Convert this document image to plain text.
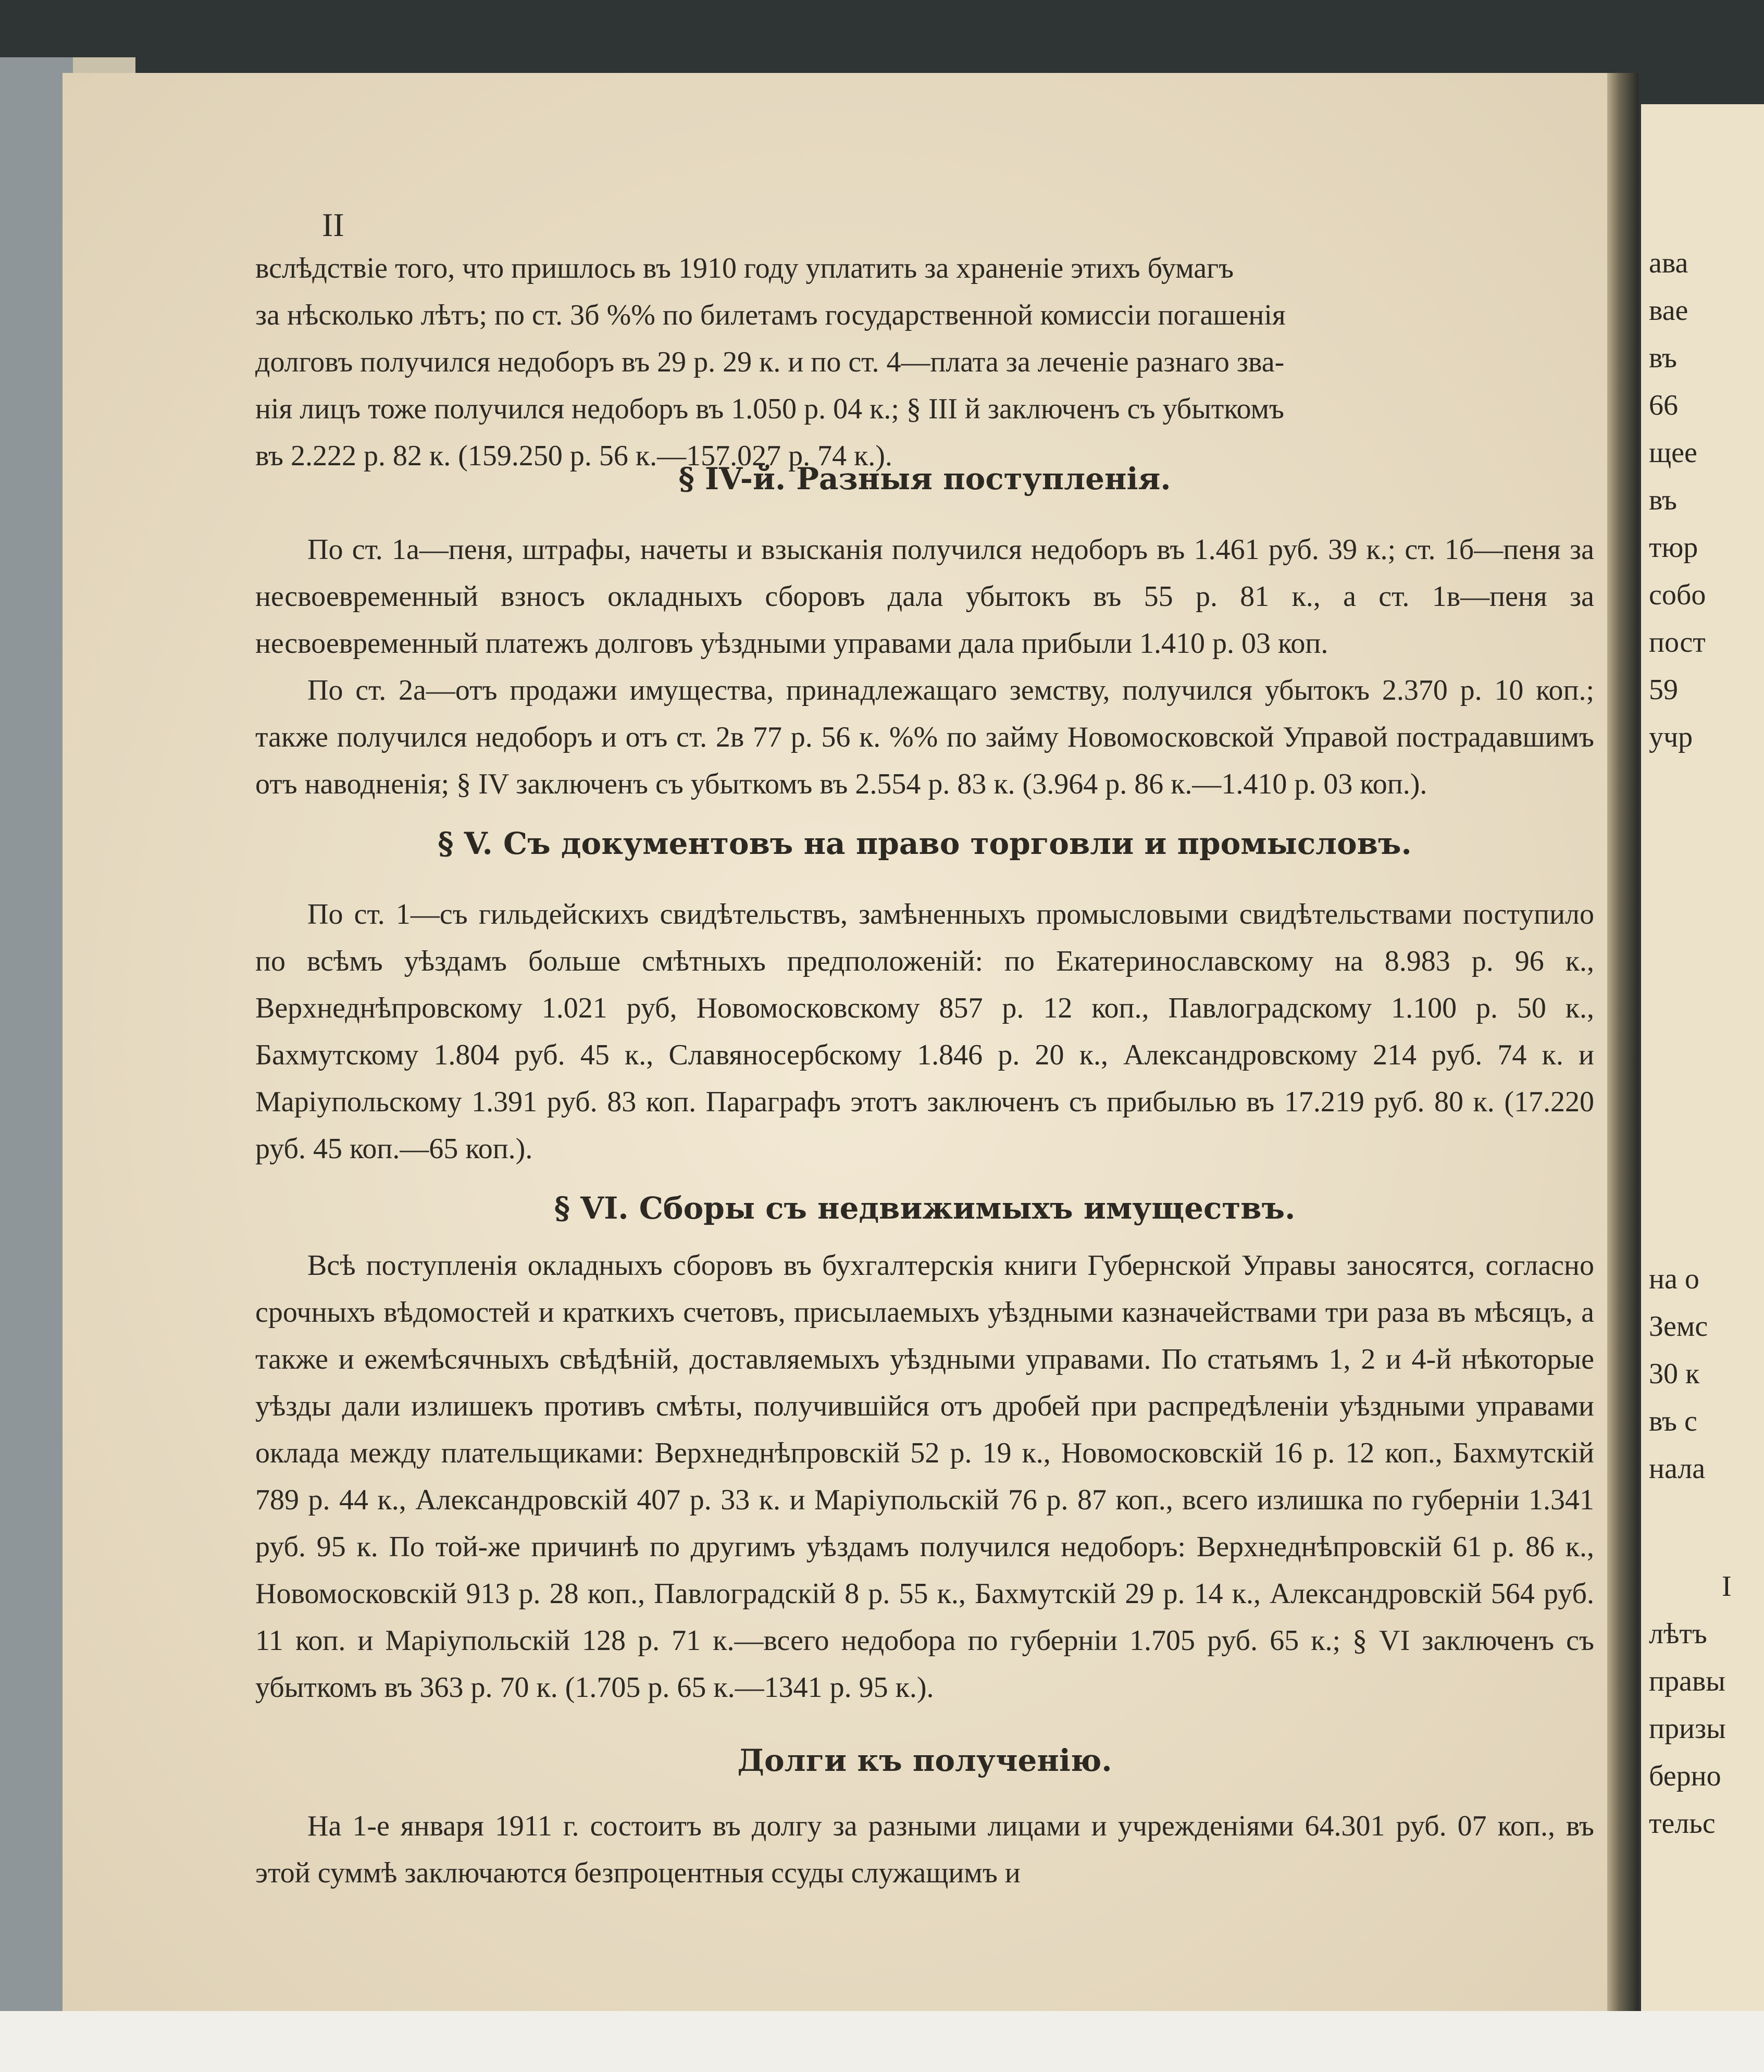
II

вслѣдствіе того, что пришлось въ 1910 году уплатить за храненіе этихъ бумагъ

за нѣсколько лѣтъ; по ст. 3б %% по билетамъ государственной комиссіи погашенія

долговъ получился недоборъ въ 29 р. 29 к. и по ст. 4—плата за леченіе разнаго зва-

нія лицъ тоже получился недоборъ въ 1.050 р. 04 к.; § III й заключенъ съ убыткомъ

въ 2.222 р. 82 к. (159.250 р. 56 к.—157.027 р. 74 к.).

§ IV-й. Разныя поступленія.

По ст. 1а—пеня, штрафы, начеты и взысканія получился недоборъ въ 1.461 руб. 39 к.; ст. 1б—пеня за несвоевременный взносъ окладныхъ сборовъ дала убытокъ въ 55 р. 81 к., а ст. 1в—пеня за несвоевременный платежъ долговъ уѣздными управами дала прибыли 1.410 р. 03 коп.

По ст. 2а—отъ продажи имущества, принадлежащаго земству, получился убытокъ 2.370 р. 10 коп.; также получился недоборъ и отъ ст. 2в 77 р. 56 к. %% по займу Новомосковской Управой пострадавшимъ отъ наводненія; § IV заключенъ съ убыткомъ въ 2.554 р. 83 к. (3.964 р. 86 к.—1.410 р. 03 коп.).

§ V. Съ документовъ на право торговли и промысловъ.

По ст. 1—съ гильдейскихъ свидѣтельствъ, замѣненныхъ промысловыми свидѣтельствами поступило по всѣмъ уѣздамъ больше смѣтныхъ предположеній: по Екатеринославскому на 8.983 р. 96 к., Верхнеднѣпровскому 1.021 руб, Новомосковскому 857 р. 12 коп., Павлоградскому 1.100 р. 50 к., Бахмутскому 1.804 руб. 45 к., Славяносербскому 1.846 р. 20 к., Александровскому 214 руб. 74 к. и Маріупольскому 1.391 руб. 83 коп. Параграфъ этотъ заключенъ съ прибылью въ 17.219 руб. 80 к. (17.220 руб. 45 коп.—65 коп.).

§ VI. Сборы съ недвижимыхъ имуществъ.

Всѣ поступленія окладныхъ сборовъ въ бухгалтерскія книги Губернской Управы заносятся, согласно срочныхъ вѣдомостей и краткихъ счетовъ, присылаемыхъ уѣздными казначействами три раза въ мѣсяцъ, а также и ежемѣсячныхъ свѣдѣній, доставляемыхъ уѣздными управами. По статьямъ 1, 2 и 4-й нѣкоторые уѣзды дали излишекъ противъ смѣты, получившійся отъ дробей при распредѣленіи уѣздными управами оклада между плательщиками: Верхнеднѣпровскій 52 р. 19 к., Новомосковскій 16 р. 12 коп., Бахмутскій 789 р. 44 к., Александровскій 407 р. 33 к. и Маріупольскій 76 р. 87 коп., всего излишка по губерніи 1.341 руб. 95 к. По той-же причинѣ по другимъ уѣздамъ получился недоборъ: Верхнеднѣпровскій 61 р. 86 к., Новомосковскій 913 р. 28 коп., Павлоградскій 8 р. 55 к., Бахмутскій 29 р. 14 к., Александровскій 564 руб. 11 коп. и Маріупольскій 128 р. 71 к.—всего недобора по губерніи 1.705 руб. 65 к.; § VI заключенъ съ убыткомъ въ 363 р. 70 к. (1.705 р. 65 к.—1341 р. 95 к.).

Долги къ полученію.

На 1-е января 1911 г. состоитъ въ долгу за разными лицами и учрежденіями 64.301 руб. 07 коп., въ этой суммѣ заключаются безпроцентныя ссуды служащимъ и

ава
вае
въ
66
щее
въ
тюр
собо
пост
59
учр
на о
Земс
30 к
въ с
нала
I
лѣтъ
правы
призы
берно
тельс
